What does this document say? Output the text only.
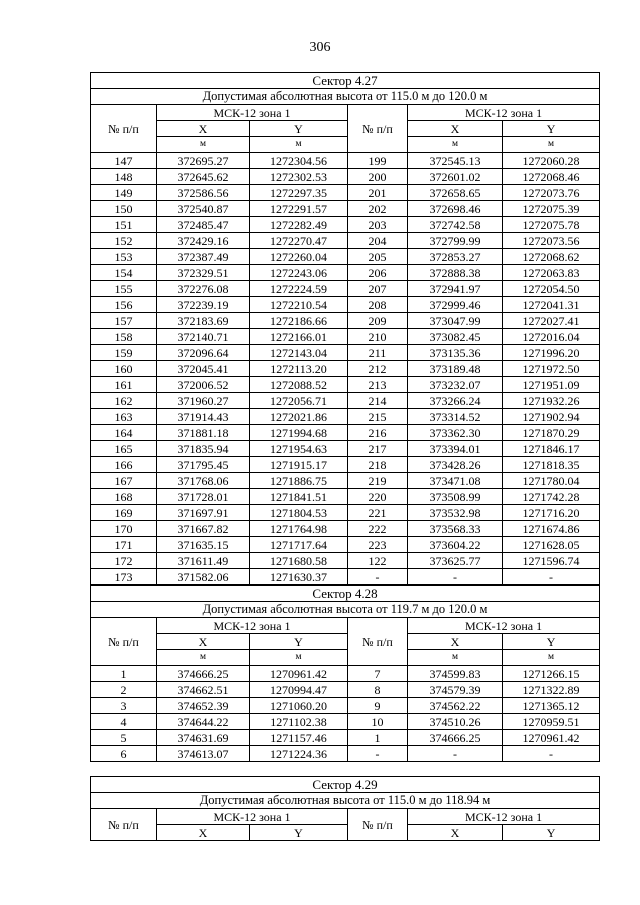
306
Сектор 4.27					
Допустимая абсолютная высота от 115.0 м до 120.0 м					
№ п/п	МСК-12 зона 1		№ п/п	МСК-12 зона 1	
	X	Y		X	Y
	м	м		м	м
147	372695.27	1272304.56	199	372545.13	1272060.28
148	372645.62	1272302.53	200	372601.02	1272068.46
149	372586.56	1272297.35	201	372658.65	1272073.76
150	372540.87	1272291.57	202	372698.46	1272075.39
151	372485.47	1272282.49	203	372742.58	1272075.78
152	372429.16	1272270.47	204	372799.99	1272073.56
153	372387.49	1272260.04	205	372853.27	1272068.62
154	372329.51	1272243.06	206	372888.38	1272063.83
155	372276.08	1272224.59	207	372941.97	1272054.50
156	372239.19	1272210.54	208	372999.46	1272041.31
157	372183.69	1272186.66	209	373047.99	1272027.41
158	372140.71	1272166.01	210	373082.45	1272016.04
159	372096.64	1272143.04	211	373135.36	1271996.20
160	372045.41	1272113.20	212	373189.48	1271972.50
161	372006.52	1272088.52	213	373232.07	1271951.09
162	371960.27	1272056.71	214	373266.24	1271932.26
163	371914.43	1272021.86	215	373314.52	1271902.94
164	371881.18	1271994.68	216	373362.30	1271870.29
165	371835.94	1271954.63	217	373394.01	1271846.17
166	371795.45	1271915.17	218	373428.26	1271818.35
167	371768.06	1271886.75	219	373471.08	1271780.04
168	371728.01	1271841.51	220	373508.99	1271742.28
169	371697.91	1271804.53	221	373532.98	1271716.20
170	371667.82	1271764.98	222	373568.33	1271674.86
171	371635.15	1271717.64	223	373604.22	1271628.05
172	371611.49	1271680.58	122	373625.77	1271596.74
173	371582.06	1271630.37	-	-	-
Сектор 4.28					
Допустимая абсолютная высота от 119.7 м до 120.0 м					
№ п/п	МСК-12 зона 1		№ п/п	МСК-12 зона 1	
	X	Y		X	Y
	м	м		м	м
1	374666.25	1270961.42	7	374599.83	1271266.15
2	374662.51	1270994.47	8	374579.39	1271322.89
3	374652.39	1271060.20	9	374562.22	1271365.12
4	374644.22	1271102.38	10	374510.26	1270959.51
5	374631.69	1271157.46	1	374666.25	1270961.42
6	374613.07	1271224.36	-	-	-
Сектор 4.29					
Допустимая абсолютная высота от 115.0 м до 118.94 м					
№ п/п	МСК-12 зона 1		№ п/п	МСК-12 зона 1	
	X	Y		X	Y
